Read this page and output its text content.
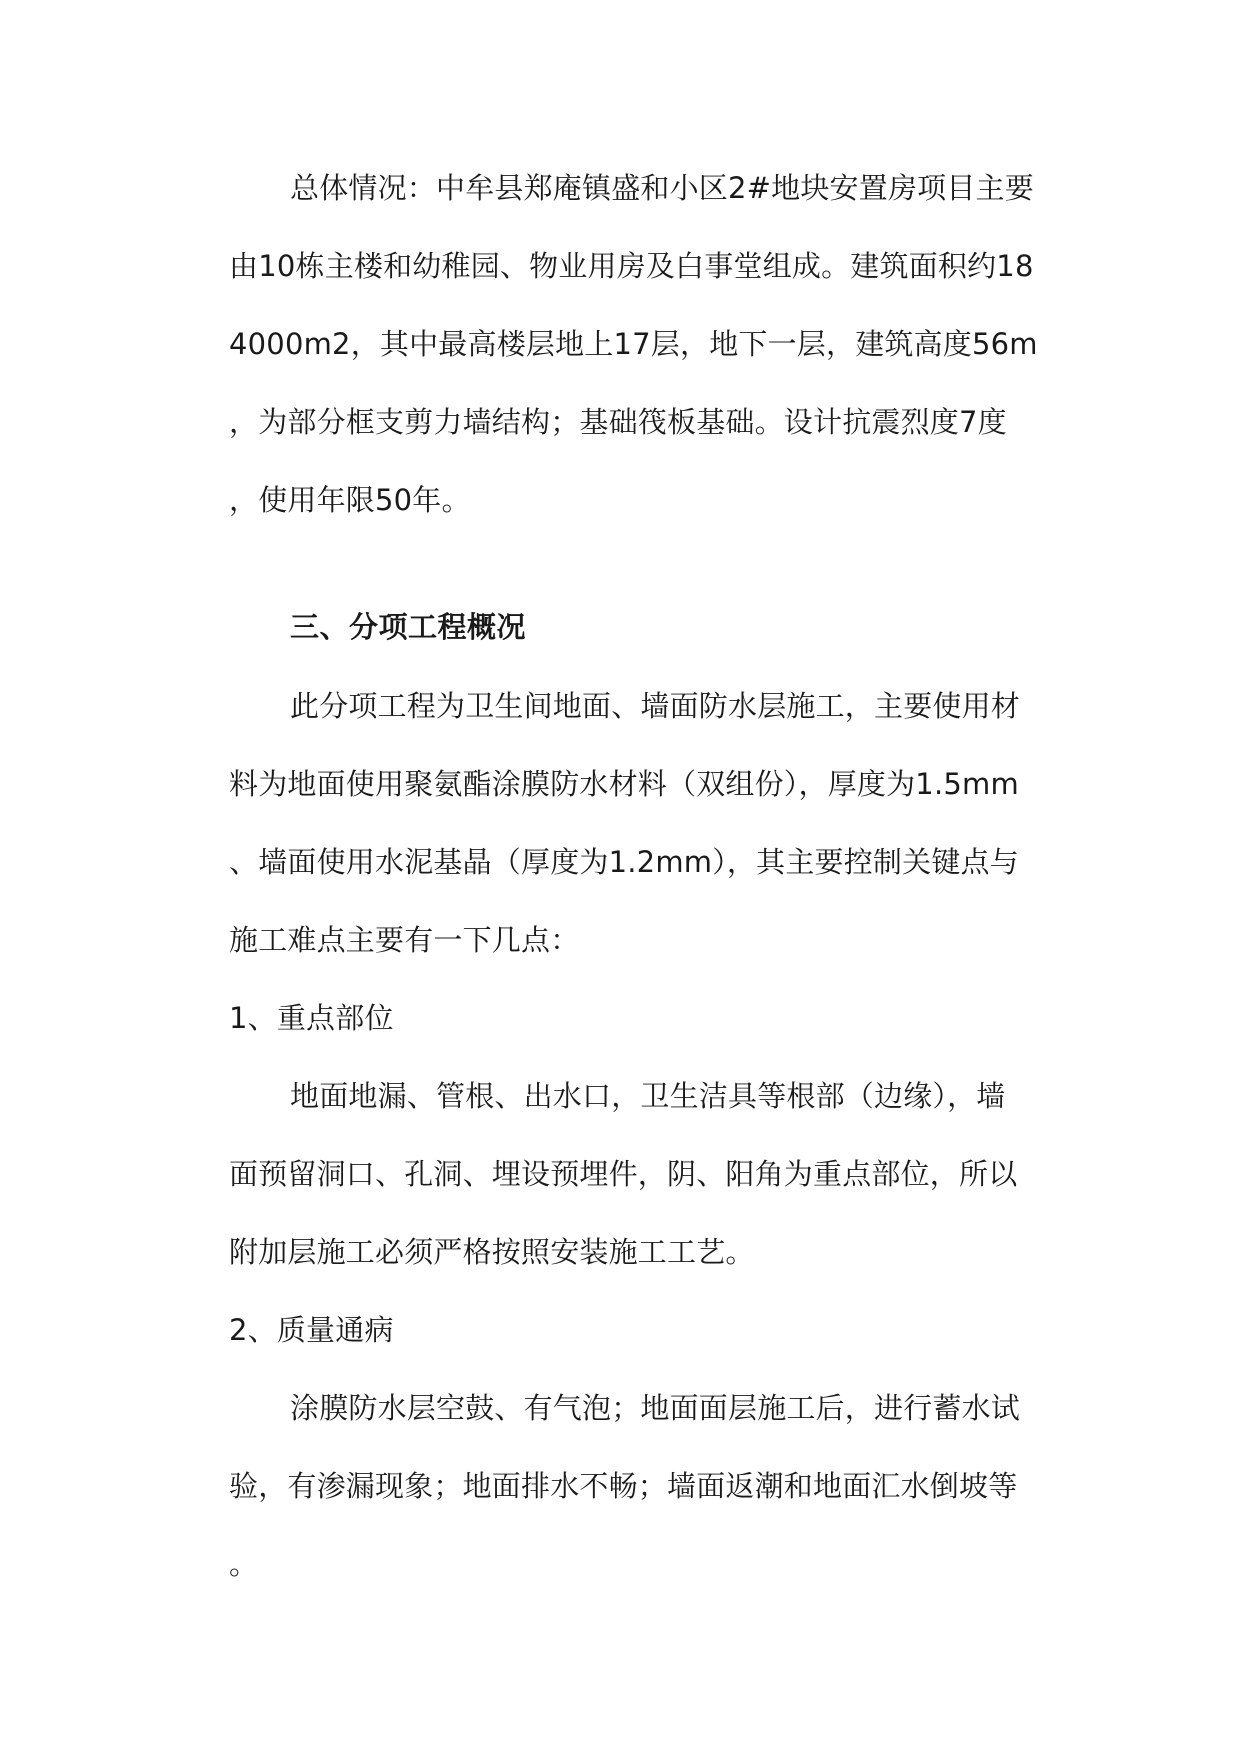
总体情况：中牟县郑庵镇盛和小区2#地块安置房项目主要
由10栋主楼和幼稚园、物业用房及白事堂组成。建筑面积约18
4000m2，其中最高楼层地上17层，地下一层，建筑高度56m
，为部分框支剪力墙结构；基础筏板基础。设计抗震烈度7度
，使用年限50年。
三、分项工程概况
此分项工程为卫生间地面、墙面防水层施工，主要使用材
料为地面使用聚氨酯涂膜防水材料（双组份），厚度为1.5mm
、墙面使用水泥基晶（厚度为1.2mm），其主要控制关键点与
施工难点主要有一下几点：
1、重点部位
地面地漏、管根、出水口，卫生洁具等根部（边缘），墙
面预留洞口、孔洞、埋设预埋件，阴、阳角为重点部位，所以
附加层施工必须严格按照安装施工工艺。
2、质量通病
涂膜防水层空鼓、有气泡；地面面层施工后，进行蓄水试
验，有渗漏现象；地面排水不畅；墙面返潮和地面汇水倒坡等
。
